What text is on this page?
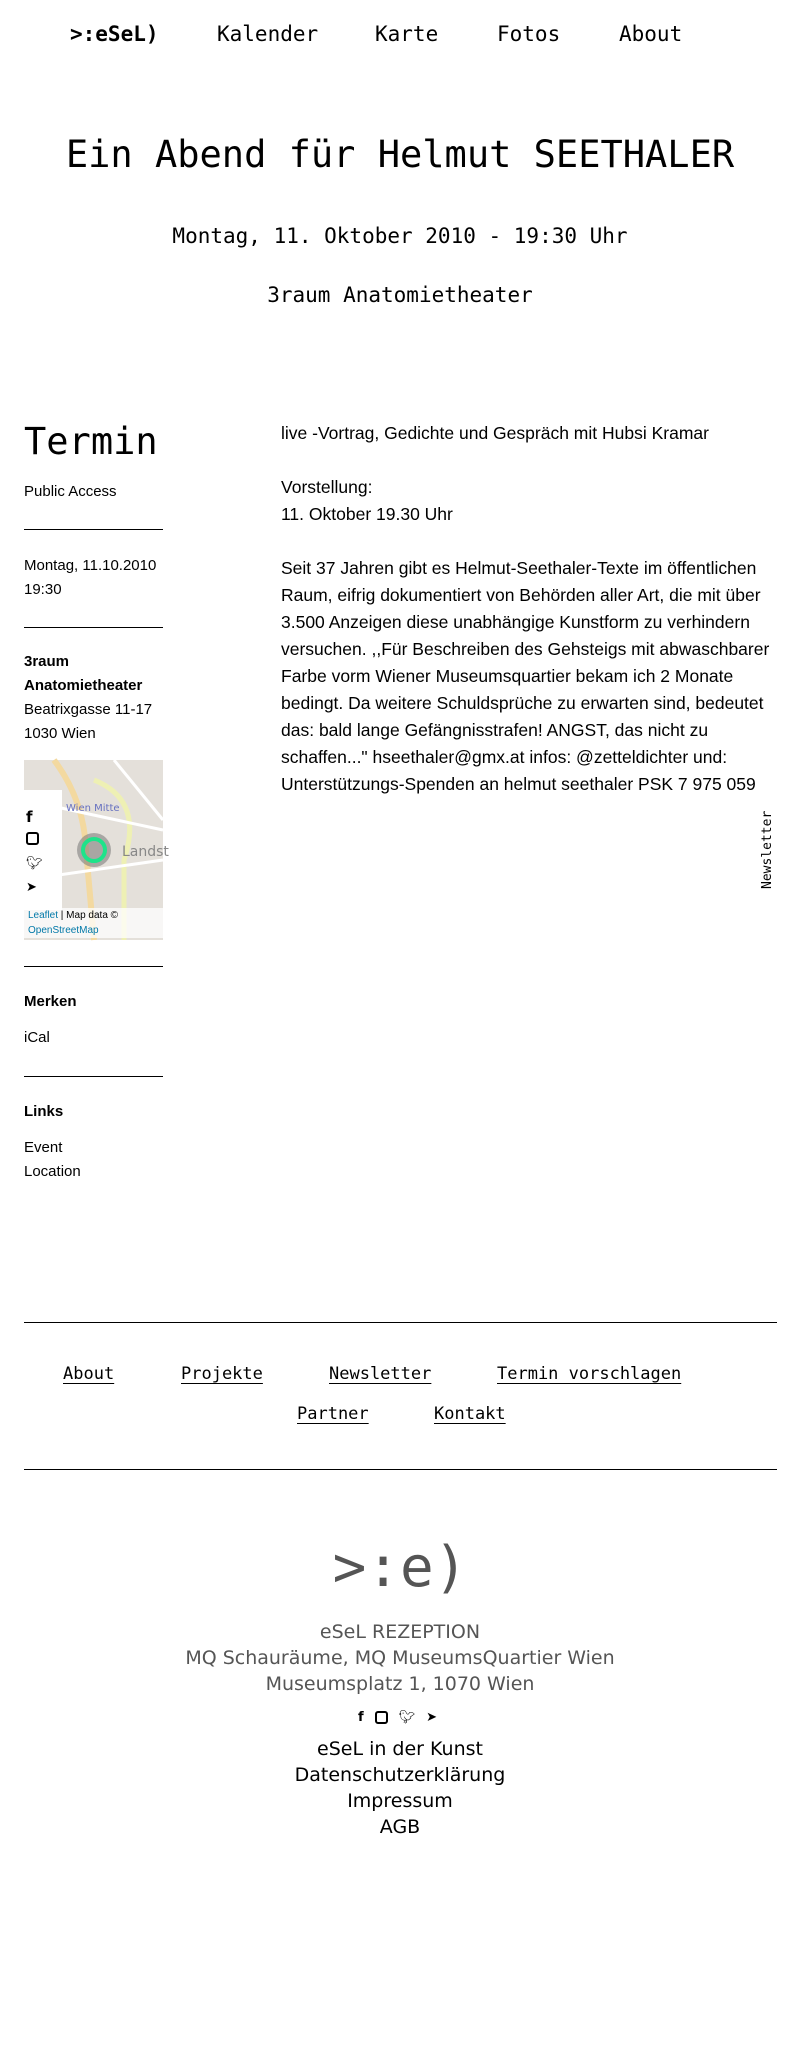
>:eSeL)	Kalender	Karte	Fotos	About
Ein Abend für Helmut SEETHALER
Montag, 11. Oktober 2010 - 19:30 Uhr
3raum Anatomietheater
Termin
Public Access
Montag, 11.10.2010
19:30
3raum
Anatomietheater
Beatrixgasse 11-17
1030 Wien
Wien Mitte
Landst
Leaflet | Map data ©
OpenStreetMap
f
🐦︎
➤
Merken
iCal
Links
Event
Location

live -Vortrag, Gedichte und Gespräch mit Hubsi Kramar

Vorstellung:
11. Oktober 19.30 Uhr

Seit 37 Jahren gibt es Helmut-Seethaler-Texte im öffentlichen Raum, eifrig dokumentiert von Behörden aller Art, die mit über 3.500 Anzeigen diese unabhängige Kunstform zu verhindern versuchen. ,,Für Beschreiben des Gehsteigs mit abwaschbarer Farbe vorm Wiener Museumsquartier bekam ich 2 Monate bedingt. Da weitere Schuldsprüche zu erwarten sind, bedeutet das: bald lange Gefängnisstrafen! ANGST, das nicht zu schaffen..." hseethaler@gmx.at infos: @zetteldichter und: Unterstützungs-Spenden an helmut seethaler PSK 7 975 059

Newsletter
About	Projekte	Newsletter	Termin vorschlagen
Partner	Kontakt
>:e)
eSeL REZEPTION
MQ Schauräume, MQ MuseumsQuartier Wien
Museumsplatz 1, 1070 Wien
f	🐦︎ ➤
eSeL in der Kunst
Datenschutzerklärung
Impressum
AGB
